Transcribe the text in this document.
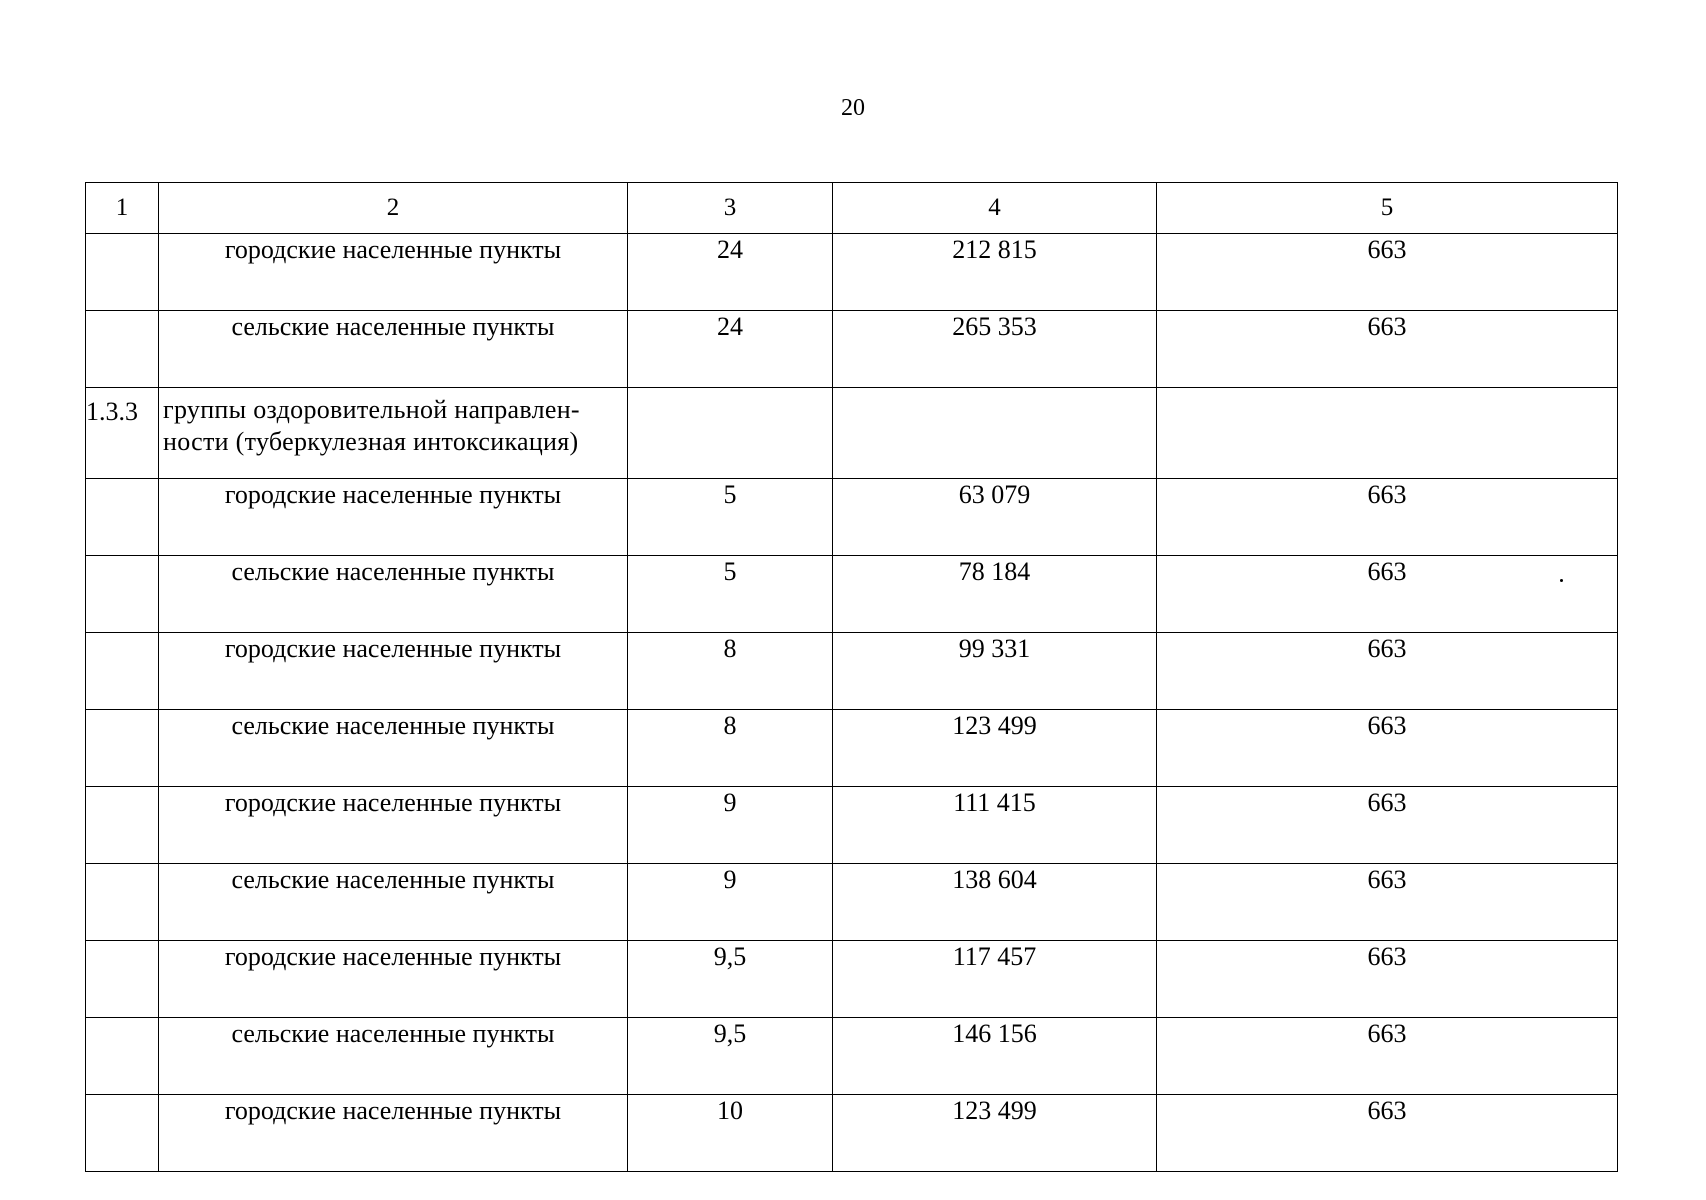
20
1	2	3	4	5
	городские населенные пункты	24	212 815	663
	сельские населенные пункты	24	265 353	663
1.3.3	группы оздоровительной направлен-
ности (туберкулезная интоксикация)			
	городские населенные пункты	5	63 079	663
	сельские населенные пункты	5	78 184	663
	городские населенные пункты	8	99 331	663
	сельские населенные пункты	8	123 499	663
	городские населенные пункты	9	111 415	663
	сельские населенные пункты	9	138 604	663
	городские населенные пункты	9,5	117 457	663
	сельские населенные пункты	9,5	146 156	663
	городские населенные пункты	10	123 499	663
